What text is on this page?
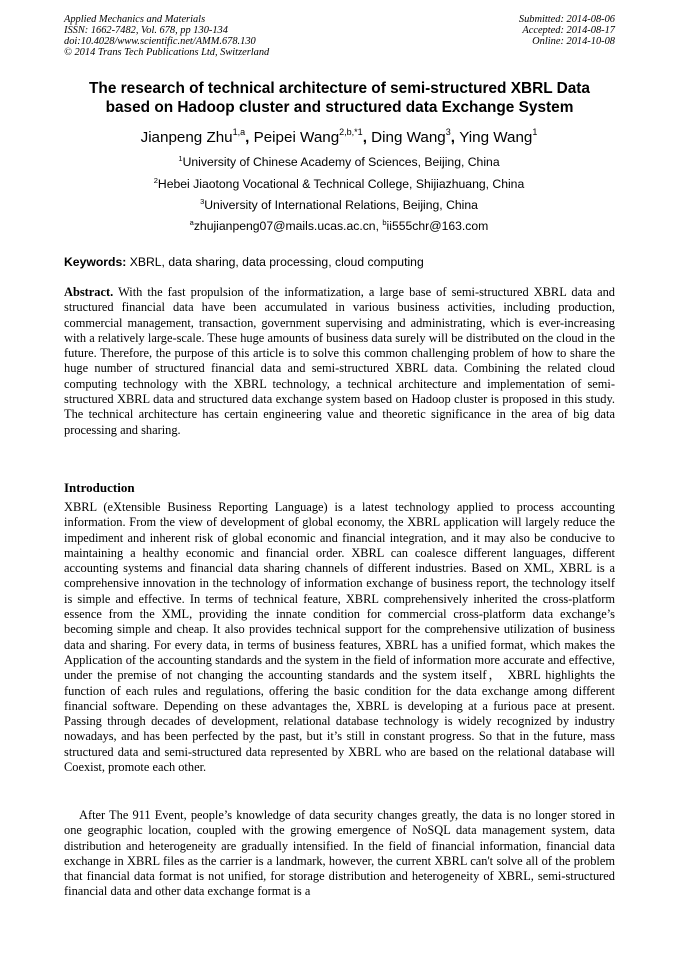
Applied Mechanics and Materials
ISSN: 1662-7482, Vol. 678, pp 130-134
doi:10.4028/www.scientific.net/AMM.678.130
© 2014 Trans Tech Publications Ltd, Switzerland
Submitted: 2014-08-06
Accepted: 2014-08-17
Online: 2014-10-08
The research of technical architecture of semi-structured XBRL Data
based on Hadoop cluster and structured data Exchange System
Jianpeng Zhu$^{1,a}$, Peipei Wang$^{2,b,*1}$, Ding Wang$^3$, Ying Wang$^1$
$^1$University of Chinese Academy of Sciences, Beijing, China
$^2$Hebei Jiaotong Vocational & Technical College, Shijiazhuang, China
$^3$University of International Relations, Beijing, China
$^a$zhujianpeng07@mails.ucas.ac.cn, $^b$ii555chr@163.com
Keywords: XBRL, data sharing, data processing, cloud computing
Abstract. With the fast propulsion of the informatization, a large base of semi-structured XBRL data and structured financial data have been accumulated in various business activities, including production, commercial management, transaction, government supervising and administrating, which is ever-increasing with a relatively large-scale. These huge amounts of business data surely will be distributed on the cloud in the future. Therefore, the purpose of this article is to solve this common challenging problem of how to share the huge number of structured financial data and semi-structured XBRL data. Combining the related cloud computing technology with the XBRL technology, a technical architecture and implementation of semi-structured XBRL data and structured data exchange system based on Hadoop cluster is proposed in this study. The technical architecture has certain engineering value and theoretic significance in the area of big data processing and sharing.
Introduction
XBRL (eXtensible Business Reporting Language) is a latest technology applied to process accounting information. From the view of development of global economy, the XBRL application will largely reduce the impediment and inherent risk of global economic and financial integration, and it may also be conducive to maintaining a healthy economic and financial order. XBRL can coalesce different languages, different accounting systems and financial data sharing channels of different industries. Based on XML, XBRL is a comprehensive innovation in the technology of information exchange of business report, the technology itself is simple and effective. In terms of technical feature, XBRL comprehensively inherited the cross-platform essence from the XML, providing the innate condition for commercial cross-platform data exchange’s becoming simple and cheap. It also provides technical support for the comprehensive utilization of business data and sharing. For every data, in terms of business features, XBRL has a unified format, which makes the Application of the accounting standards and the system in the field of information more accurate and effective, under the premise of not changing the accounting standards and the system itself， XBRL highlights the function of each rules and regulations, offering the basic condition for the data exchange among different financial software. Depending on these advantages the, XBRL is developing at a furious pace at present. Passing through decades of development, relational database technology is widely recognized by industry nowadays, and has been perfected by the past, but it’s still in constant progress. So that in the future, mass structured data and semi-structured data represented by XBRL who are based on the relational database will Coexist, promote each other.
After The 911 Event, people’s knowledge of data security changes greatly, the data is no longer stored in one geographic location, coupled with the growing emergence of NoSQL data management system, data distribution and heterogeneity are gradually intensified. In the field of financial information, financial data exchange in XBRL files as the carrier is a landmark, however, the current XBRL can't solve all of the problem that financial data format is not unified, for storage distribution and heterogeneity of XBRL, semi-structured financial data and other data exchange format is a
